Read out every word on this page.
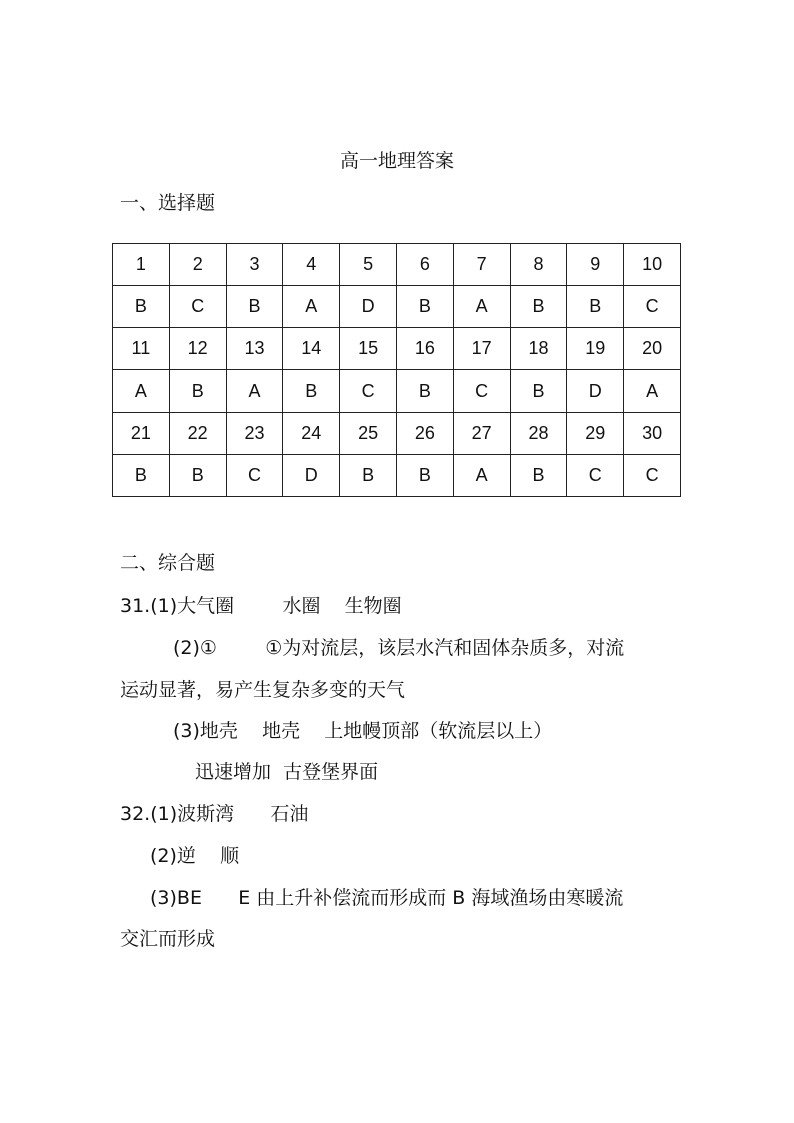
高一地理答案
一、选择题
1	2	3	4	5	6	7	8	9	10
B	C	B	A	D	B	A	B	B	C
11	12	13	14	15	16	17	18	19	20
A	B	A	B	C	B	C	B	D	A
21	22	23	24	25	26	27	28	29	30
B	B	C	D	B	B	A	B	C	C
二、综合题
31.(1)大气圈        水圈    生物圈
(2)①        ①为对流层，该层水汽和固体杂质多，对流
运动显著，易产生复杂多变的天气
(3)地壳    地壳    上地幔顶部（软流层以上）
迅速增加  古登堡界面
32.(1)波斯湾      石油
(2)逆    顺
(3)BE      E 由上升补偿流而形成而 B 海域渔场由寒暖流
交汇而形成
